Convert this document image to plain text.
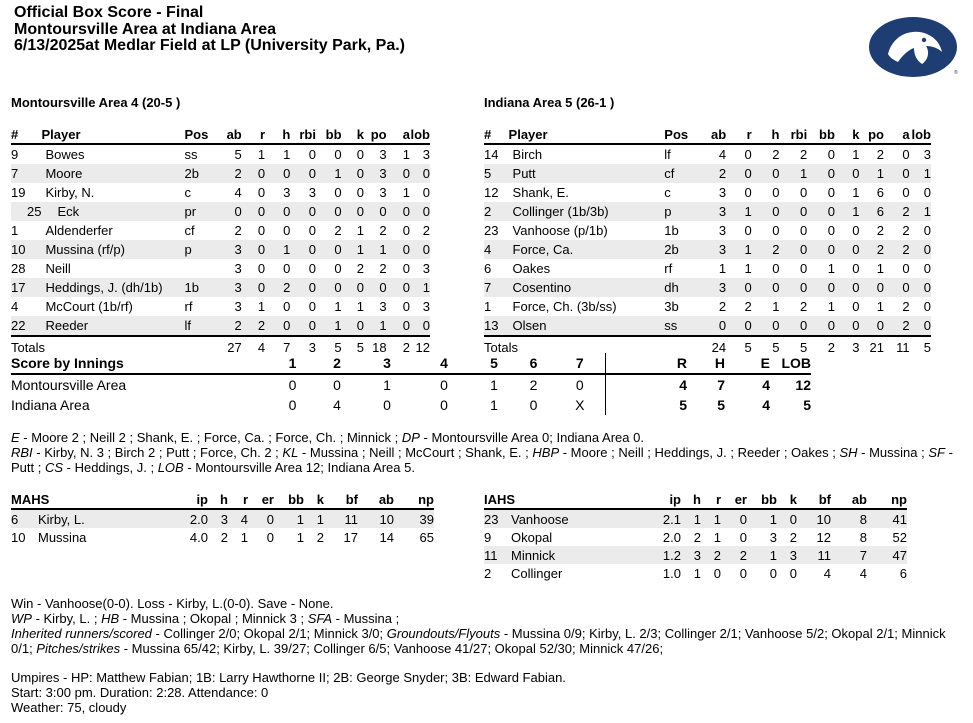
Official Box Score - Final
Montoursville Area at Indiana Area
6/13/2025at Medlar Field at LP (University Park, Pa.)
®
Montoursville Area 4 (20-5 )	Indiana Area 5 (26-1 )
#	Player	Pos	ab	r	h	rbi	bb	k	po	a	lob
9	Bowes	ss	5	1	1	0	0	0	3	1	3
7	Moore	2b	2	0	0	0	1	0	3	0	0
19	Kirby, N.	c	4	0	3	3	0	0	3	1	0
25	Eck	pr	0	0	0	0	0	0	0	0	0
1	Aldenderfer	cf	2	0	0	0	2	1	2	0	2
10	Mussina (rf/p)	p	3	0	1	0	0	1	1	0	0
28	Neill		3	0	0	0	0	2	2	0	3
17	Heddings, J. (dh/1b)	1b	3	0	2	0	0	0	0	0	1
4	McCourt (1b/rf)	rf	3	1	0	0	1	1	3	0	3
22	Reeder	lf	2	2	0	0	1	0	1	0	0
Totals			27	4	7	3	5	5	18	2	12
#	Player	Pos	ab	r	h	rbi	bb	k	po	a	lob
14	Birch	lf	4	0	2	2	0	1	2	0	3
5	Putt	cf	2	0	0	1	0	0	1	0	1
12	Shank, E.	c	3	0	0	0	0	1	6	0	0
2	Collinger (1b/3b)	p	3	1	0	0	0	1	6	2	1
23	Vanhoose (p/1b)	1b	3	0	0	0	0	0	2	2	0
4	Force, Ca.	2b	3	1	2	0	0	0	2	2	0
6	Oakes	rf	1	1	0	0	1	0	1	0	0
7	Cosentino	dh	3	0	0	0	0	0	0	0	0
1	Force, Ch. (3b/ss)	3b	2	2	1	2	1	0	1	2	0
13	Olsen	ss	0	0	0	0	0	0	0	2	0
Totals			24	5	5	5	2	3	21	11	5
Score by Innings	1	2	3	4	5	6	7	R	H	E	LOB
Montoursville Area	0	0	1	0	1	2	0	4	7	4	12
Indiana Area	0	4	0	0	1	0	X	5	5	4	5
E - Moore 2 ; Neill 2 ; Shank, E. ; Force, Ca. ; Force, Ch. ; Minnick ; DP - Montoursville Area 0; Indiana Area 0.
RBI - Kirby, N. 3 ; Birch 2 ; Putt ; Force, Ch. 2 ; KL - Mussina ; Neill ; McCourt ; Shank, E. ; HBP - Moore ; Neill ; Heddings, J. ; Reeder ; Oakes ; SH - Mussina ; SF - Putt ; CS - Heddings, J. ; LOB - Montoursville Area 12; Indiana Area 5.
MAHS		ip	h	r	er	bb	k	bf	ab	np
6	Kirby, L.	2.0	3	4	0	1	1	11	10	39
10	Mussina	4.0	2	1	0	1	2	17	14	65
IAHS		ip	h	r	er	bb	k	bf	ab	np
23	Vanhoose	2.1	1	1	0	1	0	10	8	41
9	Okopal	2.0	2	1	0	3	2	12	8	52
11	Minnick	1.2	3	2	2	1	3	11	7	47
2	Collinger	1.0	1	0	0	0	0	4	4	6
Win - Vanhoose(0-0). Loss - Kirby, L.(0-0). Save - None.
WP - Kirby, L. ; HB - Mussina ; Okopal ; Minnick 3 ; SFA - Mussina ;
Inherited runners/scored - Collinger 2/0; Okopal 2/1; Minnick 3/0; Groundouts/Flyouts - Mussina 0/9; Kirby, L. 2/3; Collinger 2/1; Vanhoose 5/2; Okopal 2/1; Minnick 0/1; Pitches/strikes - Mussina 65/42; Kirby, L. 39/27; Collinger 6/5; Vanhoose 41/27; Okopal 52/30; Minnick 47/26;
Umpires - HP: Matthew Fabian; 1B: Larry Hawthorne II; 2B: George Snyder; 3B: Edward Fabian.
Start: 3:00 pm. Duration: 2:28. Attendance: 0
Weather: 75, cloudy
